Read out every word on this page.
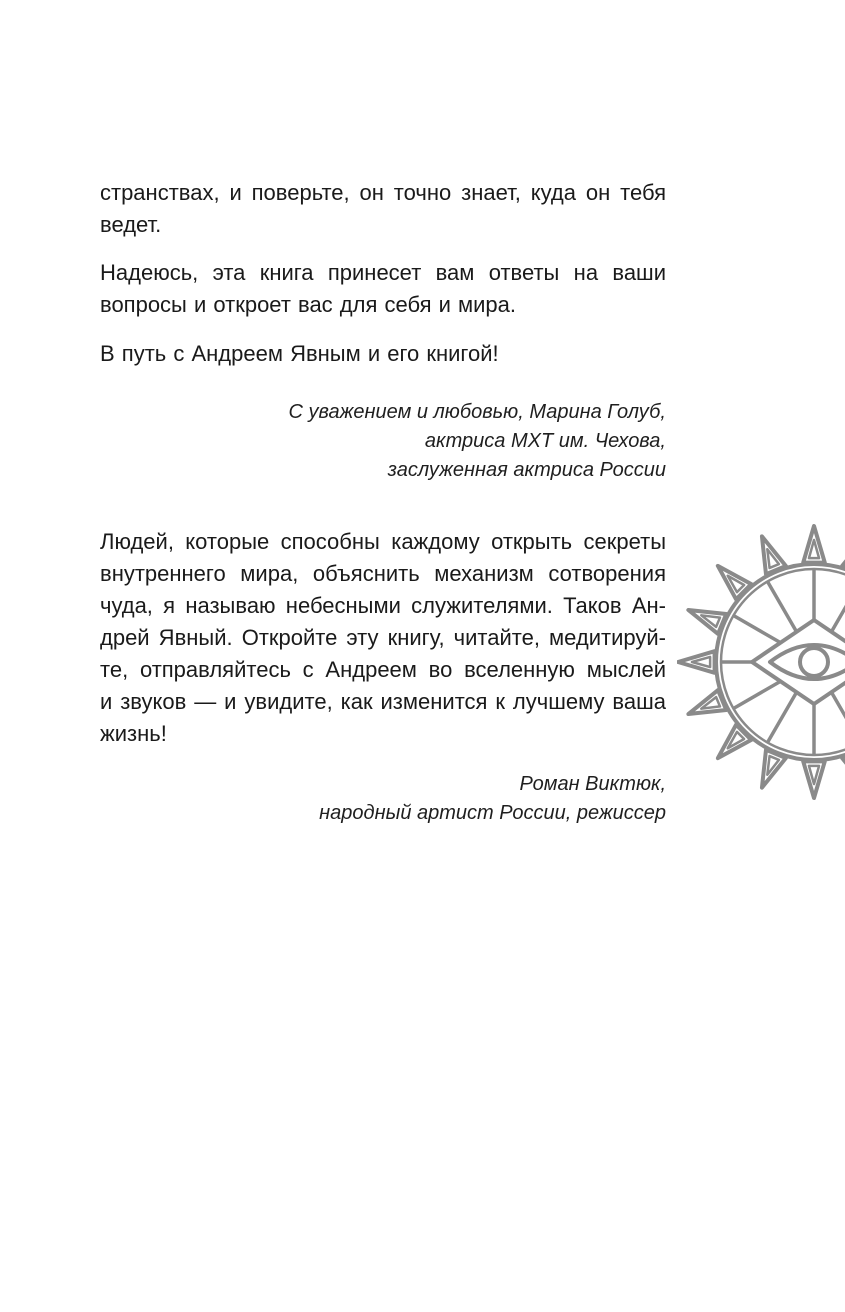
странствах, и поверьте, он точно знает, куда он тебя
ведет.
Надеюсь, эта книга принесет вам ответы на ваши
вопросы и откроет вас для себя и мира.
В путь с Андреем Явным и его книгой!
С уважением и любовью, Марина Голуб,
актриса МХТ им. Чехова,
заслуженная актриса России
Людей, которые способны каждому открыть секреты
внутреннего мира, объяснить механизм сотворения
чуда, я называю небесными служителями. Таков Ан-
дрей Явный. Откройте эту книгу, читайте, медитируй-
те, отправляйтесь с Андреем во вселенную мыслей
и звуков — и увидите, как изменится к лучшему ваша
жизнь!
Роман Виктюк,
народный артист России, режиссер
